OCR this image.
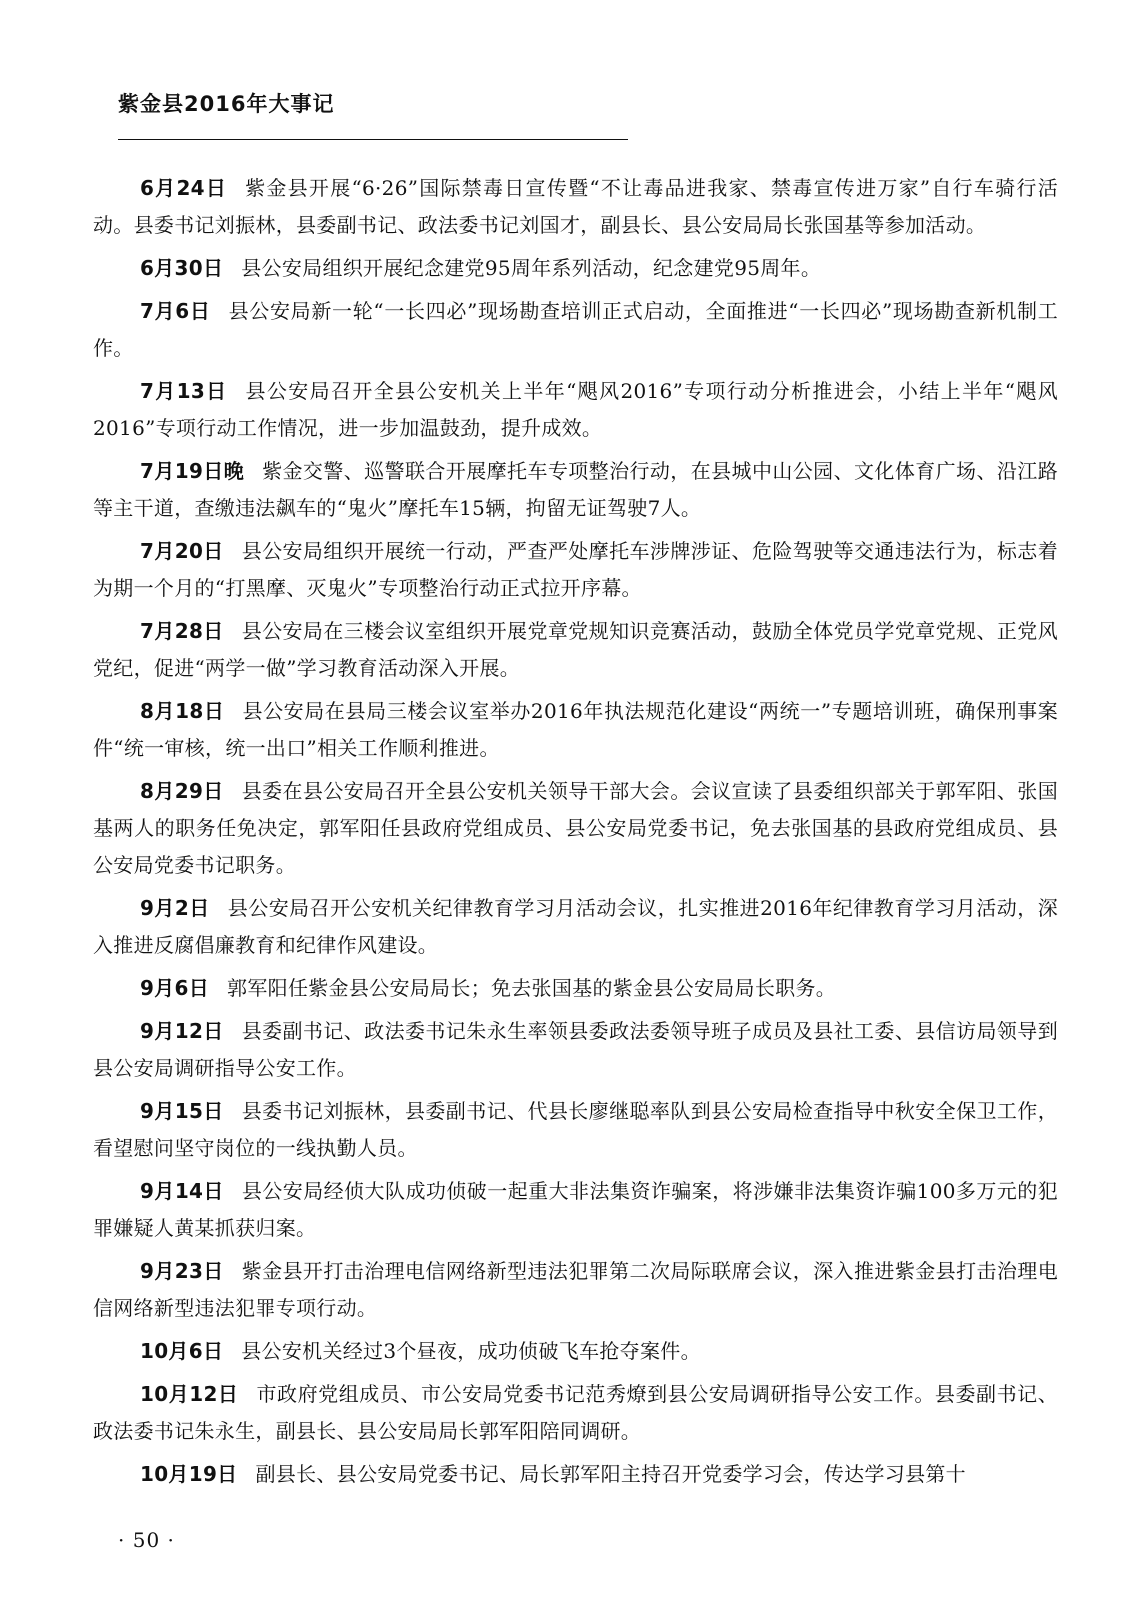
紫金县2016年大事记

6月24日 紫金县开展“6·26”国际禁毒日宣传暨“不让毒品进我家、禁毒宣传进万家”自行车骑行活动。县委书记刘振林，县委副书记、政法委书记刘国才，副县长、县公安局局长张国基等参加活动。

6月30日 县公安局组织开展纪念建党95周年系列活动，纪念建党95周年。

7月6日 县公安局新一轮“一长四必”现场勘查培训正式启动，全面推进“一长四必”现场勘查新机制工作。

7月13日 县公安局召开全县公安机关上半年“飓风2016”专项行动分析推进会，小结上半年“飓风2016”专项行动工作情况，进一步加温鼓劲，提升成效。

7月19日晚 紫金交警、巡警联合开展摩托车专项整治行动，在县城中山公园、文化体育广场、沿江路等主干道，查缴违法飙车的“鬼火”摩托车15辆，拘留无证驾驶7人。

7月20日 县公安局组织开展统一行动，严查严处摩托车涉牌涉证、危险驾驶等交通违法行为，标志着为期一个月的“打黑摩、灭鬼火”专项整治行动正式拉开序幕。

7月28日 县公安局在三楼会议室组织开展党章党规知识竞赛活动，鼓励全体党员学党章党规、正党风党纪，促进“两学一做”学习教育活动深入开展。

8月18日 县公安局在县局三楼会议室举办2016年执法规范化建设“两统一”专题培训班，确保刑事案件“统一审核，统一出口”相关工作顺利推进。

8月29日 县委在县公安局召开全县公安机关领导干部大会。会议宣读了县委组织部关于郭军阳、张国基两人的职务任免决定，郭军阳任县政府党组成员、县公安局党委书记，免去张国基的县政府党组成员、县公安局党委书记职务。

9月2日 县公安局召开公安机关纪律教育学习月活动会议，扎实推进2016年纪律教育学习月活动，深入推进反腐倡廉教育和纪律作风建设。

9月6日 郭军阳任紫金县公安局局长；免去张国基的紫金县公安局局长职务。

9月12日 县委副书记、政法委书记朱永生率领县委政法委领导班子成员及县社工委、县信访局领导到县公安局调研指导公安工作。

9月15日 县委书记刘振林，县委副书记、代县长廖继聪率队到县公安局检查指导中秋安全保卫工作，看望慰问坚守岗位的一线执勤人员。

9月14日 县公安局经侦大队成功侦破一起重大非法集资诈骗案，将涉嫌非法集资诈骗100多万元的犯罪嫌疑人黄某抓获归案。

9月23日 紫金县开打击治理电信网络新型违法犯罪第二次局际联席会议，深入推进紫金县打击治理电信网络新型违法犯罪专项行动。

10月6日 县公安机关经过3个昼夜，成功侦破飞车抢夺案件。

10月12日 市政府党组成员、市公安局党委书记范秀燎到县公安局调研指导公安工作。县委副书记、政法委书记朱永生，副县长、县公安局局长郭军阳陪同调研。

10月19日 副县长、县公安局党委书记、局长郭军阳主持召开党委学习会，传达学习县第十

· 50 ·
